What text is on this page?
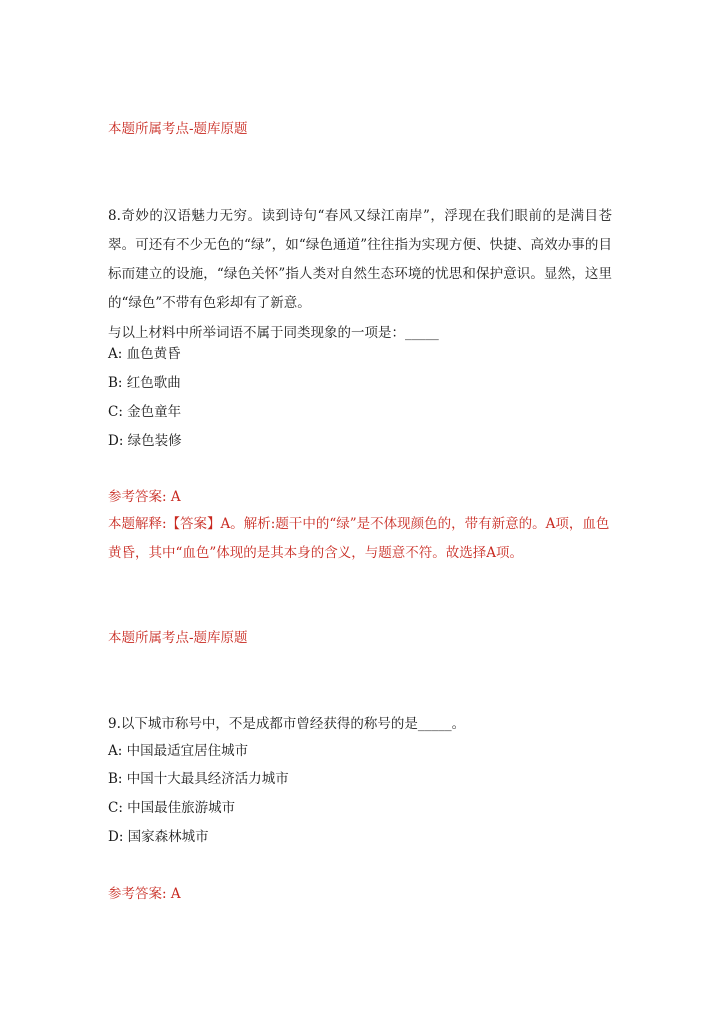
本题所属考点-题库原题
8.奇妙的汉语魅力无穷。读到诗句“春风又绿江南岸”，浮现在我们眼前的是满目苍翠。可还有不少无色的“绿”，如“绿色通道”往往指为实现方便、快捷、高效办事的目标而建立的设施，“绿色关怀”指人类对自然生态环境的忧思和保护意识。显然，这里的“绿色”不带有色彩却有了新意。
与以上材料中所举词语不属于同类现象的一项是：_____
A: 血色黄昏
B: 红色歌曲
C: 金色童年
D: 绿色装修
参考答案: A
本题解释:【答案】A。解析:题干中的“绿”是不体现颜色的，带有新意的。A项，血色黄昏，其中“血色”体现的是其本身的含义，与题意不符。故选择A项。
本题所属考点-题库原题
9.以下城市称号中，不是成都市曾经获得的称号的是_____。
A: 中国最适宜居住城市
B: 中国十大最具经济活力城市
C: 中国最佳旅游城市
D: 国家森林城市
参考答案: A
